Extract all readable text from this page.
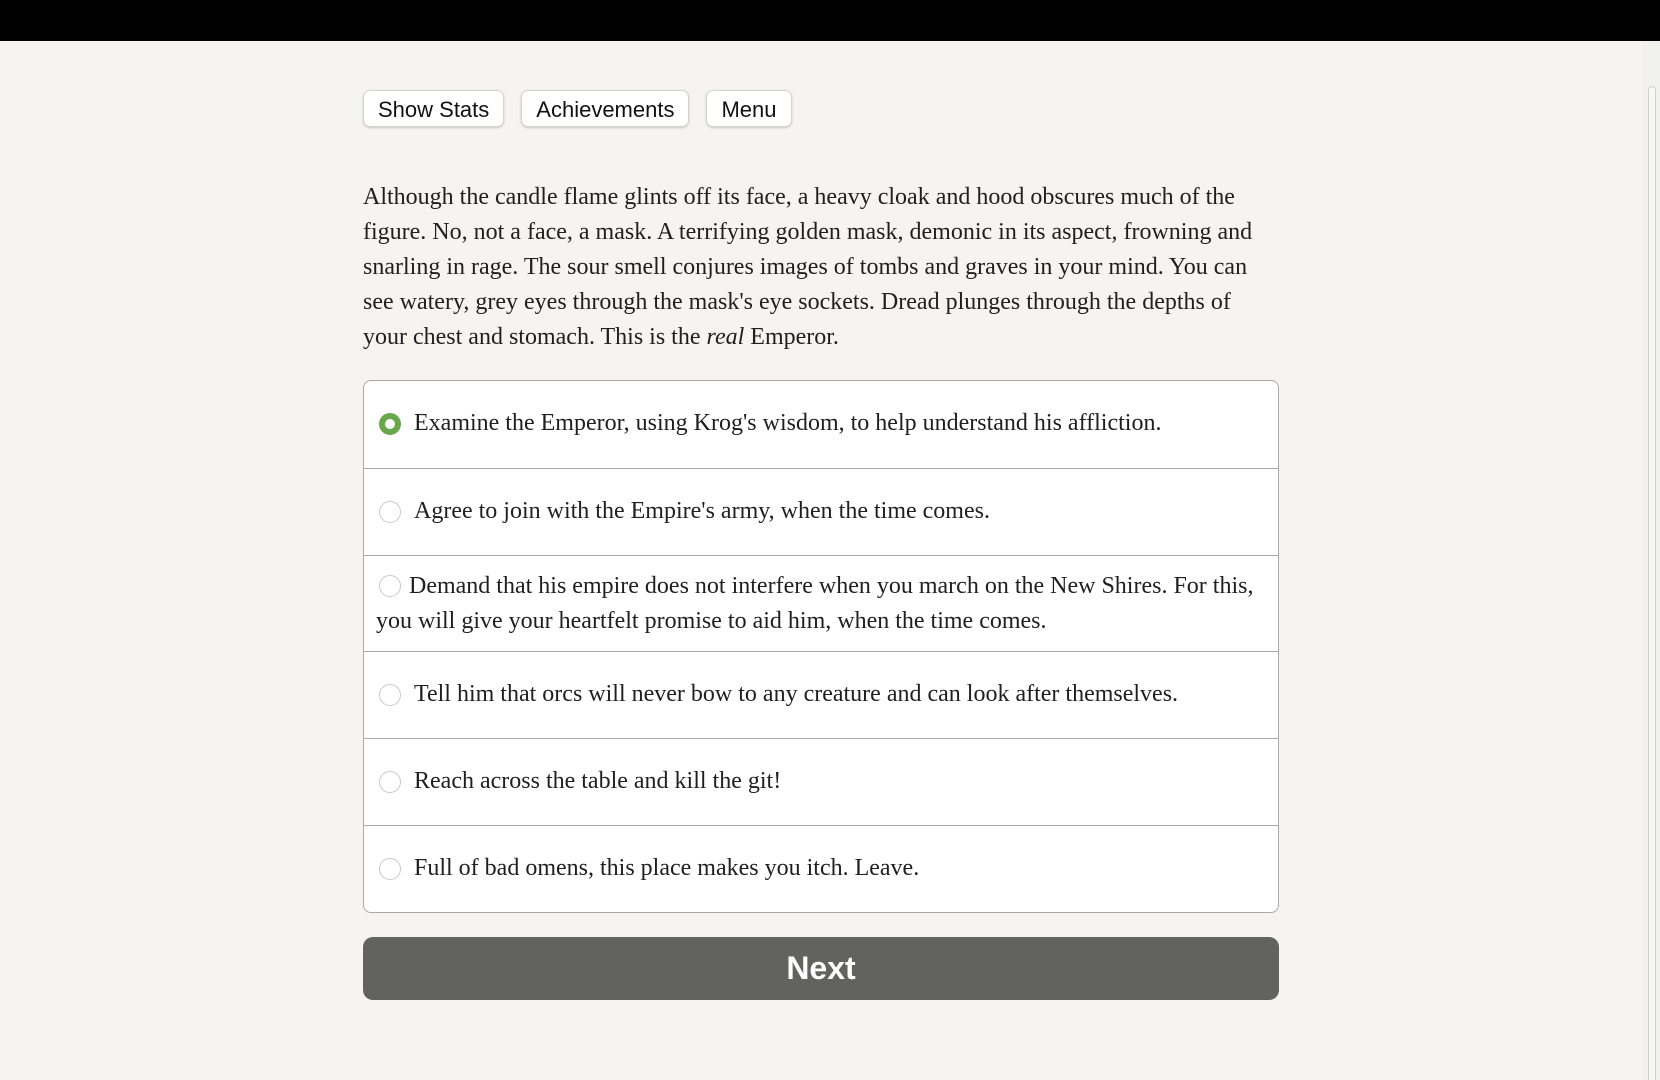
Show Stats	Achievements	Menu

Although the candle flame glints off its face, a heavy cloak and hood obscures much of the figure. No, not a face, a mask. A terrifying golden mask, demonic in its aspect, frowning and snarling in rage. The sour smell conjures images of tombs and graves in your mind. You can see watery, grey eyes through the mask's eye sockets. Dread plunges through the depths of your chest and stomach. This is the real Emperor.

Examine the Emperor, using Krog's wisdom, to help understand his affliction.
Agree to join with the Empire's army, when the time comes.
Demand that his empire does not interfere when you march on the New Shires. For this, you will give your heartfelt promise to aid him, when the time comes.
Tell him that orcs will never bow to any creature and can look after themselves.
Reach across the table and kill the git!
Full of bad omens, this place makes you itch. Leave.
Next
